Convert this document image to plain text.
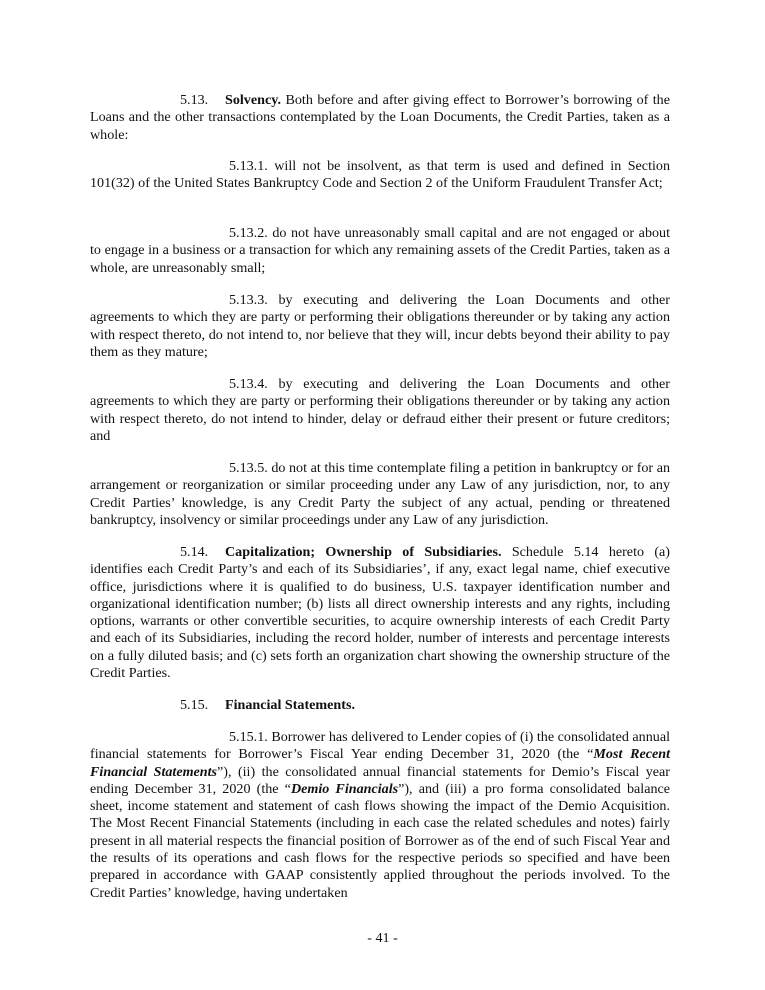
5.13. Solvency. Both before and after giving effect to Borrower’s borrowing of the Loans and the other transactions contemplated by the Loan Documents, the Credit Parties, taken as a whole:

5.13.1. will not be insolvent, as that term is used and defined in Section 101(32) of the United States Bankruptcy Code and Section 2 of the Uniform Fraudulent Transfer Act;

5.13.2. do not have unreasonably small capital and are not engaged or about to engage in a business or a transaction for which any remaining assets of the Credit Parties, taken as a whole, are unreasonably small;

5.13.3. by executing and delivering the Loan Documents and other agreements to which they are party or performing their obligations thereunder or by taking any action with respect thereto, do not intend to, nor believe that they will, incur debts beyond their ability to pay them as they mature;

5.13.4. by executing and delivering the Loan Documents and other agreements to which they are party or performing their obligations thereunder or by taking any action with respect thereto, do not intend to hinder, delay or defraud either their present or future creditors; and

5.13.5. do not at this time contemplate filing a petition in bankruptcy or for an arrangement or reorganization or similar proceeding under any Law of any jurisdiction, nor, to any Credit Parties’ knowledge, is any Credit Party the subject of any actual, pending or threatened bankruptcy, insolvency or similar proceedings under any Law of any jurisdiction.

5.14. Capitalization; Ownership of Subsidiaries. Schedule 5.14 hereto (a) identifies each Credit Party’s and each of its Subsidiaries’, if any, exact legal name, chief executive office, jurisdictions where it is qualified to do business, U.S. taxpayer identification number and organizational identification number; (b) lists all direct ownership interests and any rights, including options, warrants or other convertible securities, to acquire ownership interests of each Credit Party and each of its Subsidiaries, including the record holder, number of interests and percentage interests on a fully diluted basis; and (c) sets forth an organization chart showing the ownership structure of the Credit Parties.

5.15. Financial Statements.

5.15.1. Borrower has delivered to Lender copies of (i) the consolidated annual financial statements for Borrower’s Fiscal Year ending December 31, 2020 (the “Most Recent Financial Statements”), (ii) the consolidated annual financial statements for Demio’s Fiscal year ending December 31, 2020 (the “Demio Financials”), and (iii) a pro forma consolidated balance sheet, income statement and statement of cash flows showing the impact of the Demio Acquisition. The Most Recent Financial Statements (including in each case the related schedules and notes) fairly present in all material respects the financial position of Borrower as of the end of such Fiscal Year and the results of its operations and cash flows for the respective periods so specified and have been prepared in accordance with GAAP consistently applied throughout the periods involved. To the Credit Parties’ knowledge, having undertaken

- 41 -
